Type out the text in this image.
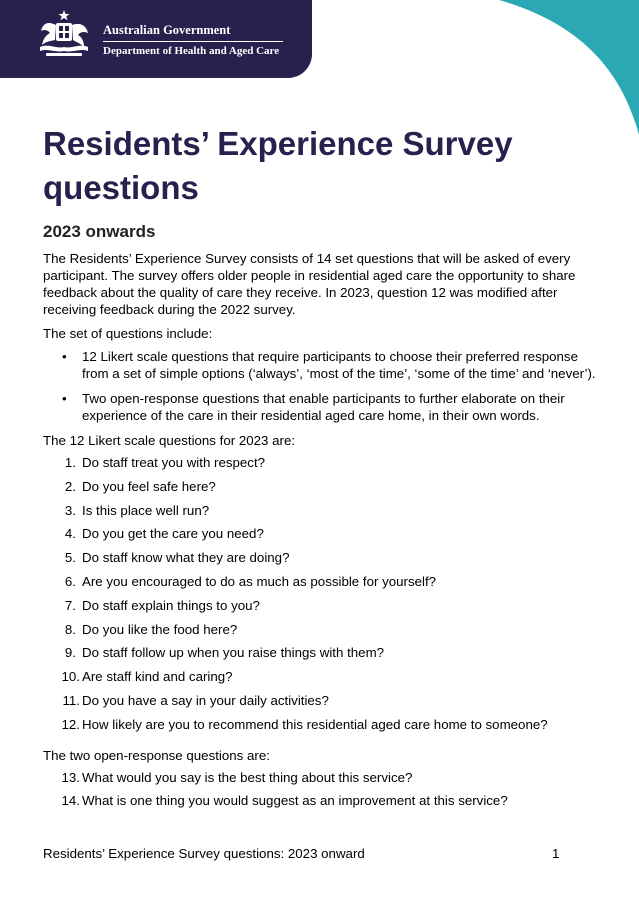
Australian Government
Department of Health and Aged Care
Residents’ Experience Survey questions
2023 onwards

The Residents’ Experience Survey consists of 14 set questions that will be asked of every participant. The survey offers older people in residential aged care the opportunity to share feedback about the quality of care they receive. In 2023, question 12 was modified after receiving feedback during the 2022 survey.

The set of questions include:

• 12 Likert scale questions that require participants to choose their preferred response from a set of simple options (‘always’, ‘most of the time’, ‘some of the time’ and ‘never’).
• Two open-response questions that enable participants to further elaborate on their experience of the care in their residential aged care home, in their own words.

The 12 Likert scale questions for 2023 are:

1. Do staff treat you with respect?
2. Do you feel safe here?
3. Is this place well run?
4. Do you get the care you need?
5. Do staff know what they are doing?
6. Are you encouraged to do as much as possible for yourself?
7. Do staff explain things to you?
8. Do you like the food here?
9. Do staff follow up when you raise things with them?
10. Are staff kind and caring?
11. Do you have a say in your daily activities?
12. How likely are you to recommend this residential aged care home to someone?

The two open-response questions are:

13. What would you say is the best thing about this service?
14. What is one thing you would suggest as an improvement at this service?
Residents’ Experience Survey questions: 2023 onward	1
